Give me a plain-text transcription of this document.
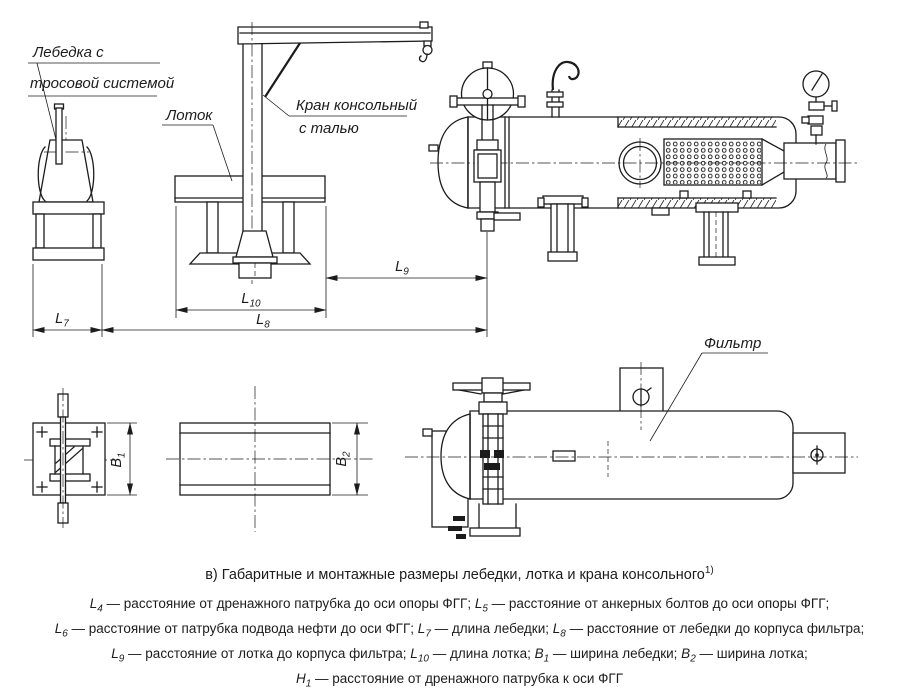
Лебедка с
тросовой системой
Лоток
Кран консольный
с талью
$L_7$	$L_8$
$L_9$
$L_{10}$
$B_1$
$B_2$
Фильтр
в) Габаритные и монтажные размеры лебедки, лотка и крана консольного$^{1)}$
$L_4$ — расстояние от дренажного патрубка до оси опоры ФГГ; $L_5$ — расстояние от анкерных болтов до оси опоры ФГГ;
$L_6$ — расстояние от патрубка подвода нефти до оси ФГГ; $L_7$ — длина лебедки; $L_8$ — расстояние от лебедки до корпуса фильтра;
$L_9$ — расстояние от лотка до корпуса фильтра; $L_{10}$ — длина лотка; $B_1$ — ширина лебедки; $B_2$ — ширина лотка;
$H_1$ — расстояние от дренажного патрубка к оси ФГГ
